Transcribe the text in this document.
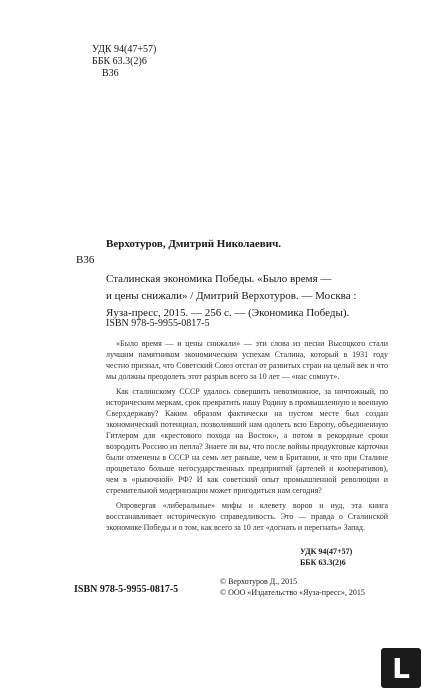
УДК 94(47+57)
ББК 63.3(2)6
В36
Верхотуров, Дмитрий Николаевич.
В36
Сталинская экономика Победы. «Было время —
и цены снижали» / Дмитрий Верхотуров. — Москва :
Яуза-пресс, 2015. — 256 с. — (Экономика Победы).
ISBN 978-5-9955-0817-5

«Было время — и цены снижали» — эти слова из песни Высоцкого стали лучшим памятником экономическим успехам Сталина, который в 1931 году честно признал, что Советский Союз отстал от развитых стран на целый век и что мы должны преодолеть этот разрыв всего за 10 лет — «нас сомнут».

Как сталинскому СССР удалось совершить невозможное, за ничтожный, по историческим меркам, срок превратить нашу Родину в промышленную и военную Сверхдержаву? Каким образом фактически на пустом месте был создан экономический потенциал, позволивший нам одолеть всю Европу, объединенную Гитлером для «крестового похода на Восток», а потом в рекордные сроки возродить Россию из пепла? Знаете ли вы, что после войны продуктовые карточки были отменены в СССР на семь лет раньше, чем в Британии, и что при Сталине процветало больше негосударственных предприятий (артелей и кооперативов), чем в «рыночной» РФ? И как советский опыт промышленной революции и стремительной модернизации может пригодиться нам сегодня?

Опровергая «либеральные» мифы и клевету воров и иуд, эта книга восстанавливает историческую справедливость. Это — правда о Сталинской экономике Победы и о том, как всего за 10 лет «догнать и перегнать» Запад.

УДК 94(47+57)
ББК 63.3(2)6
ISBN 978-5-9955-0817-5
© Верхотуров Д., 2015
© ООО «Издательство «Яуза-пресс», 2015
L
